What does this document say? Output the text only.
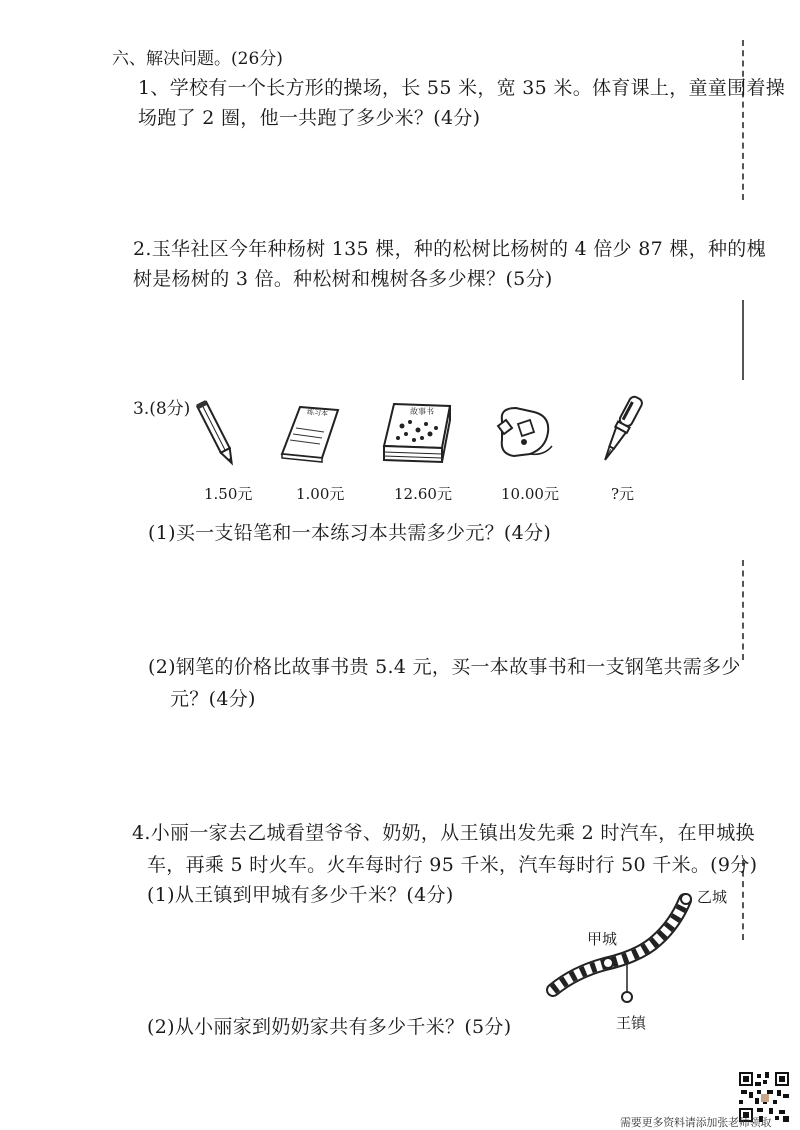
六、解决问题。(26分)
1、学校有一个长方形的操场，长 55 米，宽 35 米。体育课上，童童围着操
场跑了 2 圈，他一共跑了多少米？(4分)
2.玉华社区今年种杨树 135 棵，种的松树比杨树的 4 倍少 87 棵，种的槐
树是杨树的 3 倍。种松树和槐树各多少棵？(5分)
3.(8分)	练习本	故事书
1.50元	1.00元	12.60元	10.00元	?元
(1)买一支铅笔和一本练习本共需多少元？(4分)
(2)钢笔的价格比故事书贵 5.4 元，买一本故事书和一支钢笔共需多少
元？(4分)
4.小丽一家去乙城看望爷爷、奶奶，从王镇出发先乘 2 时汽车，在甲城换
车，再乘 5 时火车。火车每时行 95 千米，汽车每时行 50 千米。(9分)
(1)从王镇到甲城有多少千米？(4分)
(2)从小丽家到奶奶家共有多少千米？(5分)
乙城
甲城
王镇
需要更多资料请添加张老师领取
